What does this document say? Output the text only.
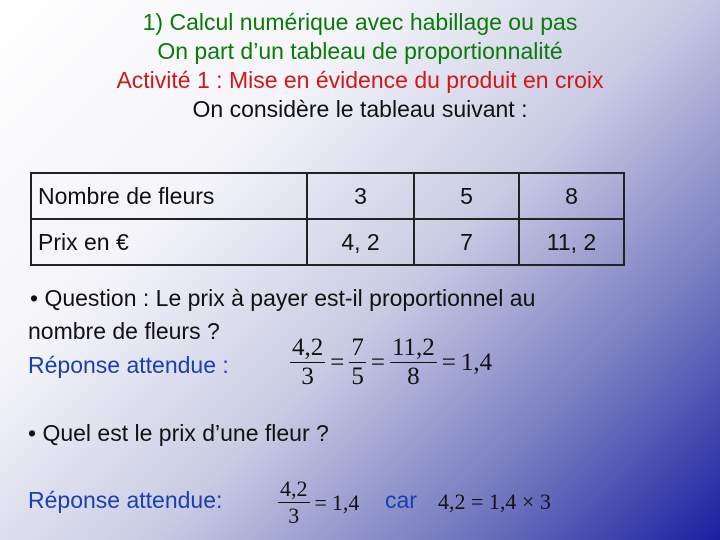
1) Calcul numérique avec habillage ou pas
On part d’un tableau de proportionnalité
Activité 1 : Mise en évidence du produit en croix
On considère le tableau suivant :
Nombre de fleurs	3	5	8
Prix en €	4, 2	7	11, 2
• Question : Le prix à payer est-il proportionnel au
nombre de fleurs ?
Réponse attendue : $\frac{4,2}{3} = \frac{7}{5} = \frac{11,2}{8} = 1,4$
• Quel est le prix d’une fleur ?
Réponse attendue:	$\frac{4,2}{3} = 1,4$ car 4,2 = 1,4 × 3
